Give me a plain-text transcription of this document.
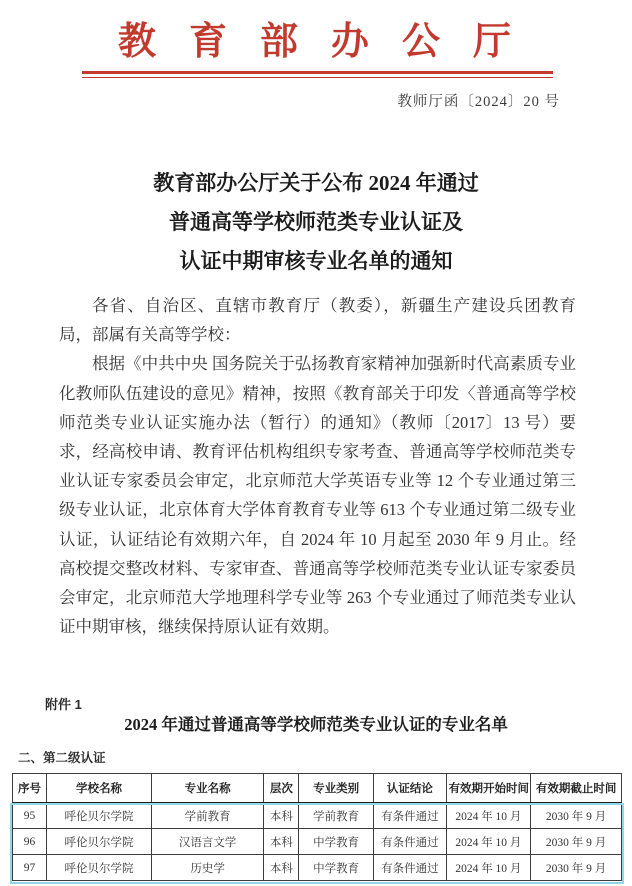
教育部办公厅
教师厅函〔2024〕20 号
教育部办公厅关于公布 2024 年通过
普通高等学校师范类专业认证及
认证中期审核专业名单的通知

各省、自治区、直辖市教育厅（教委），新疆生产建设兵团教育局，部属有关高等学校：

根据《中共中央 国务院关于弘扬教育家精神加强新时代高素质专业化教师队伍建设的意见》精神，按照《教育部关于印发〈普通高等学校师范类专业认证实施办法（暂行）的通知》（教师〔2017〕13 号）要求，经高校申请、教育评估机构组织专家考查、普通高等学校师范类专业认证专家委员会审定，北京师范大学英语专业等 12 个专业通过第三级专业认证，北京体育大学体育教育专业等 613 个专业通过第二级专业认证，认证结论有效期六年，自 2024 年 10 月起至 2030 年 9 月止。经高校提交整改材料、专家审查、普通高等学校师范类专业认证专家委员会审定，北京师范大学地理科学专业等 263 个专业通过了师范类专业认证中期审核，继续保持原认证有效期。

附件 1
2024 年通过普通高等学校师范类专业认证的专业名单
二、第二级认证
序号	学校名称	专业名称	层次	专业类别	认证结论	有效期开始时间	有效期截止时间
95	呼伦贝尔学院	学前教育	本科	学前教育	有条件通过	2024 年 10 月	2030 年 9 月
96	呼伦贝尔学院	汉语言文学	本科	中学教育	有条件通过	2024 年 10 月	2030 年 9 月
97	呼伦贝尔学院	历史学	本科	中学教育	有条件通过	2024 年 10 月	2030 年 9 月
